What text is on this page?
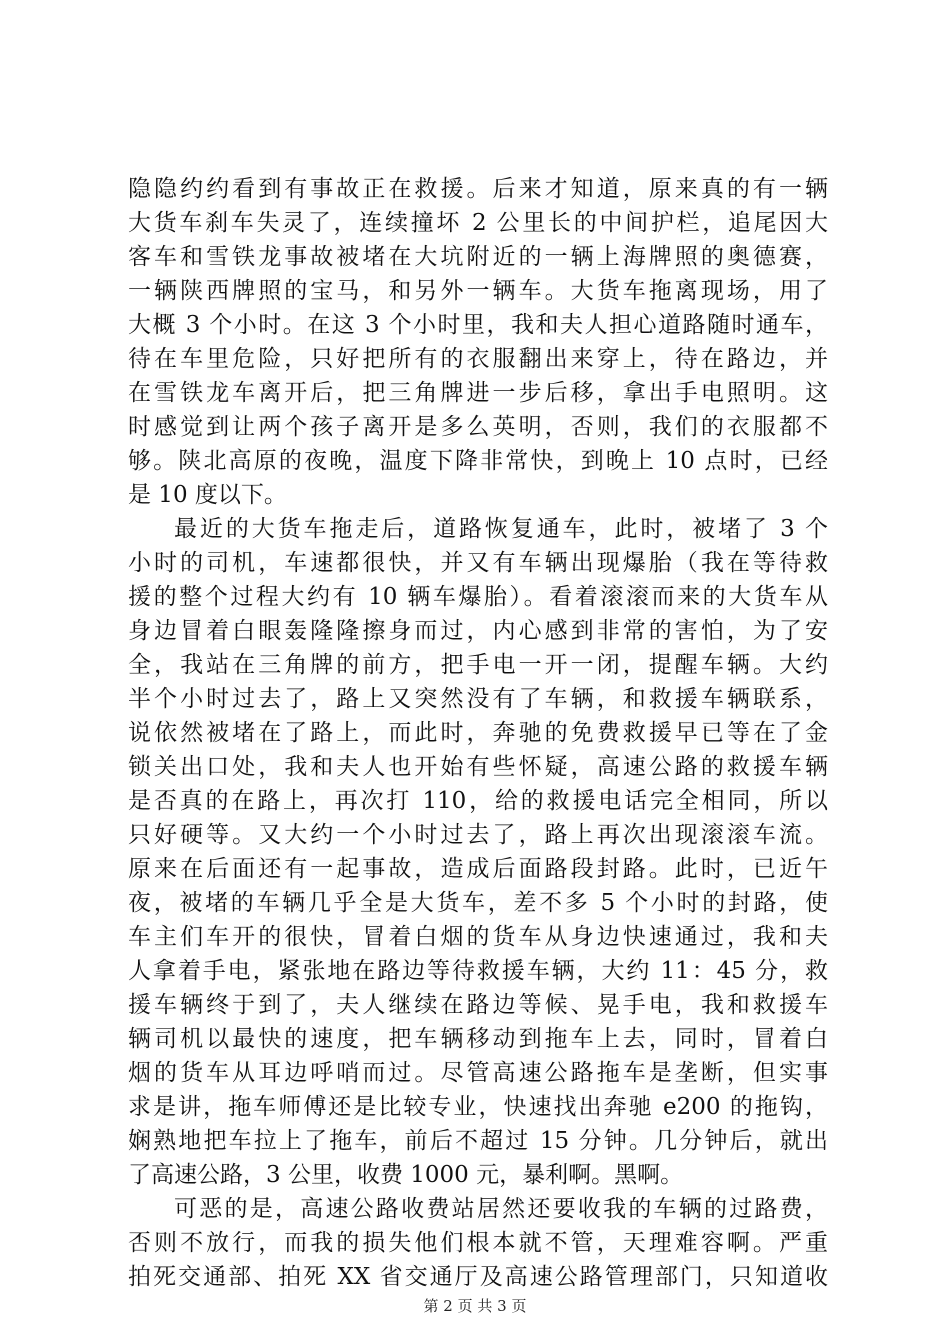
隐隐约约看到有事故正在救援。后来才知道，原来真的有一辆
大货车刹车失灵了，连续撞坏 2 公里长的中间护栏，追尾因大
客车和雪铁龙事故被堵在大坑附近的一辆上海牌照的奥德赛，
一辆陕西牌照的宝马，和另外一辆车。大货车拖离现场，用了
大概 3 个小时。在这 3 个小时里，我和夫人担心道路随时通车，
待在车里危险，只好把所有的衣服翻出来穿上，待在路边，并
在雪铁龙车离开后，把三角牌进一步后移，拿出手电照明。这
时感觉到让两个孩子离开是多么英明，否则，我们的衣服都不
够。陕北高原的夜晚，温度下降非常快，到晚上 10 点时，已经
是 10 度以下。
最近的大货车拖走后，道路恢复通车，此时，被堵了 3 个
小时的司机，车速都很快，并又有车辆出现爆胎（我在等待救
援的整个过程大约有 10 辆车爆胎）。看着滚滚而来的大货车从
身边冒着白眼轰隆隆擦身而过，内心感到非常的害怕，为了安
全，我站在三角牌的前方，把手电一开一闭，提醒车辆。大约
半个小时过去了，路上又突然没有了车辆，和救援车辆联系，
说依然被堵在了路上，而此时，奔驰的免费救援早已等在了金
锁关出口处，我和夫人也开始有些怀疑，高速公路的救援车辆
是否真的在路上，再次打 110，给的救援电话完全相同，所以
只好硬等。又大约一个小时过去了，路上再次出现滚滚车流。
原来在后面还有一起事故，造成后面路段封路。此时，已近午
夜，被堵的车辆几乎全是大货车，差不多 5 个小时的封路，使
车主们车开的很快，冒着白烟的货车从身边快速通过，我和夫
人拿着手电，紧张地在路边等待救援车辆，大约 11：45 分，救
援车辆终于到了，夫人继续在路边等候、晃手电，我和救援车
辆司机以最快的速度，把车辆移动到拖车上去，同时，冒着白
烟的货车从耳边呼哨而过。尽管高速公路拖车是垄断，但实事
求是讲，拖车师傅还是比较专业，快速找出奔驰 e200 的拖钩，
娴熟地把车拉上了拖车，前后不超过 15 分钟。几分钟后，就出
了高速公路，3 公里，收费 1000 元，暴利啊。黑啊。
可恶的是，高速公路收费站居然还要收我的车辆的过路费，
否则不放行，而我的损失他们根本就不管，天理难容啊。严重
拍死交通部、拍死 XX 省交通厅及高速公路管理部门，只知道收
第 2 页 共 3 页
